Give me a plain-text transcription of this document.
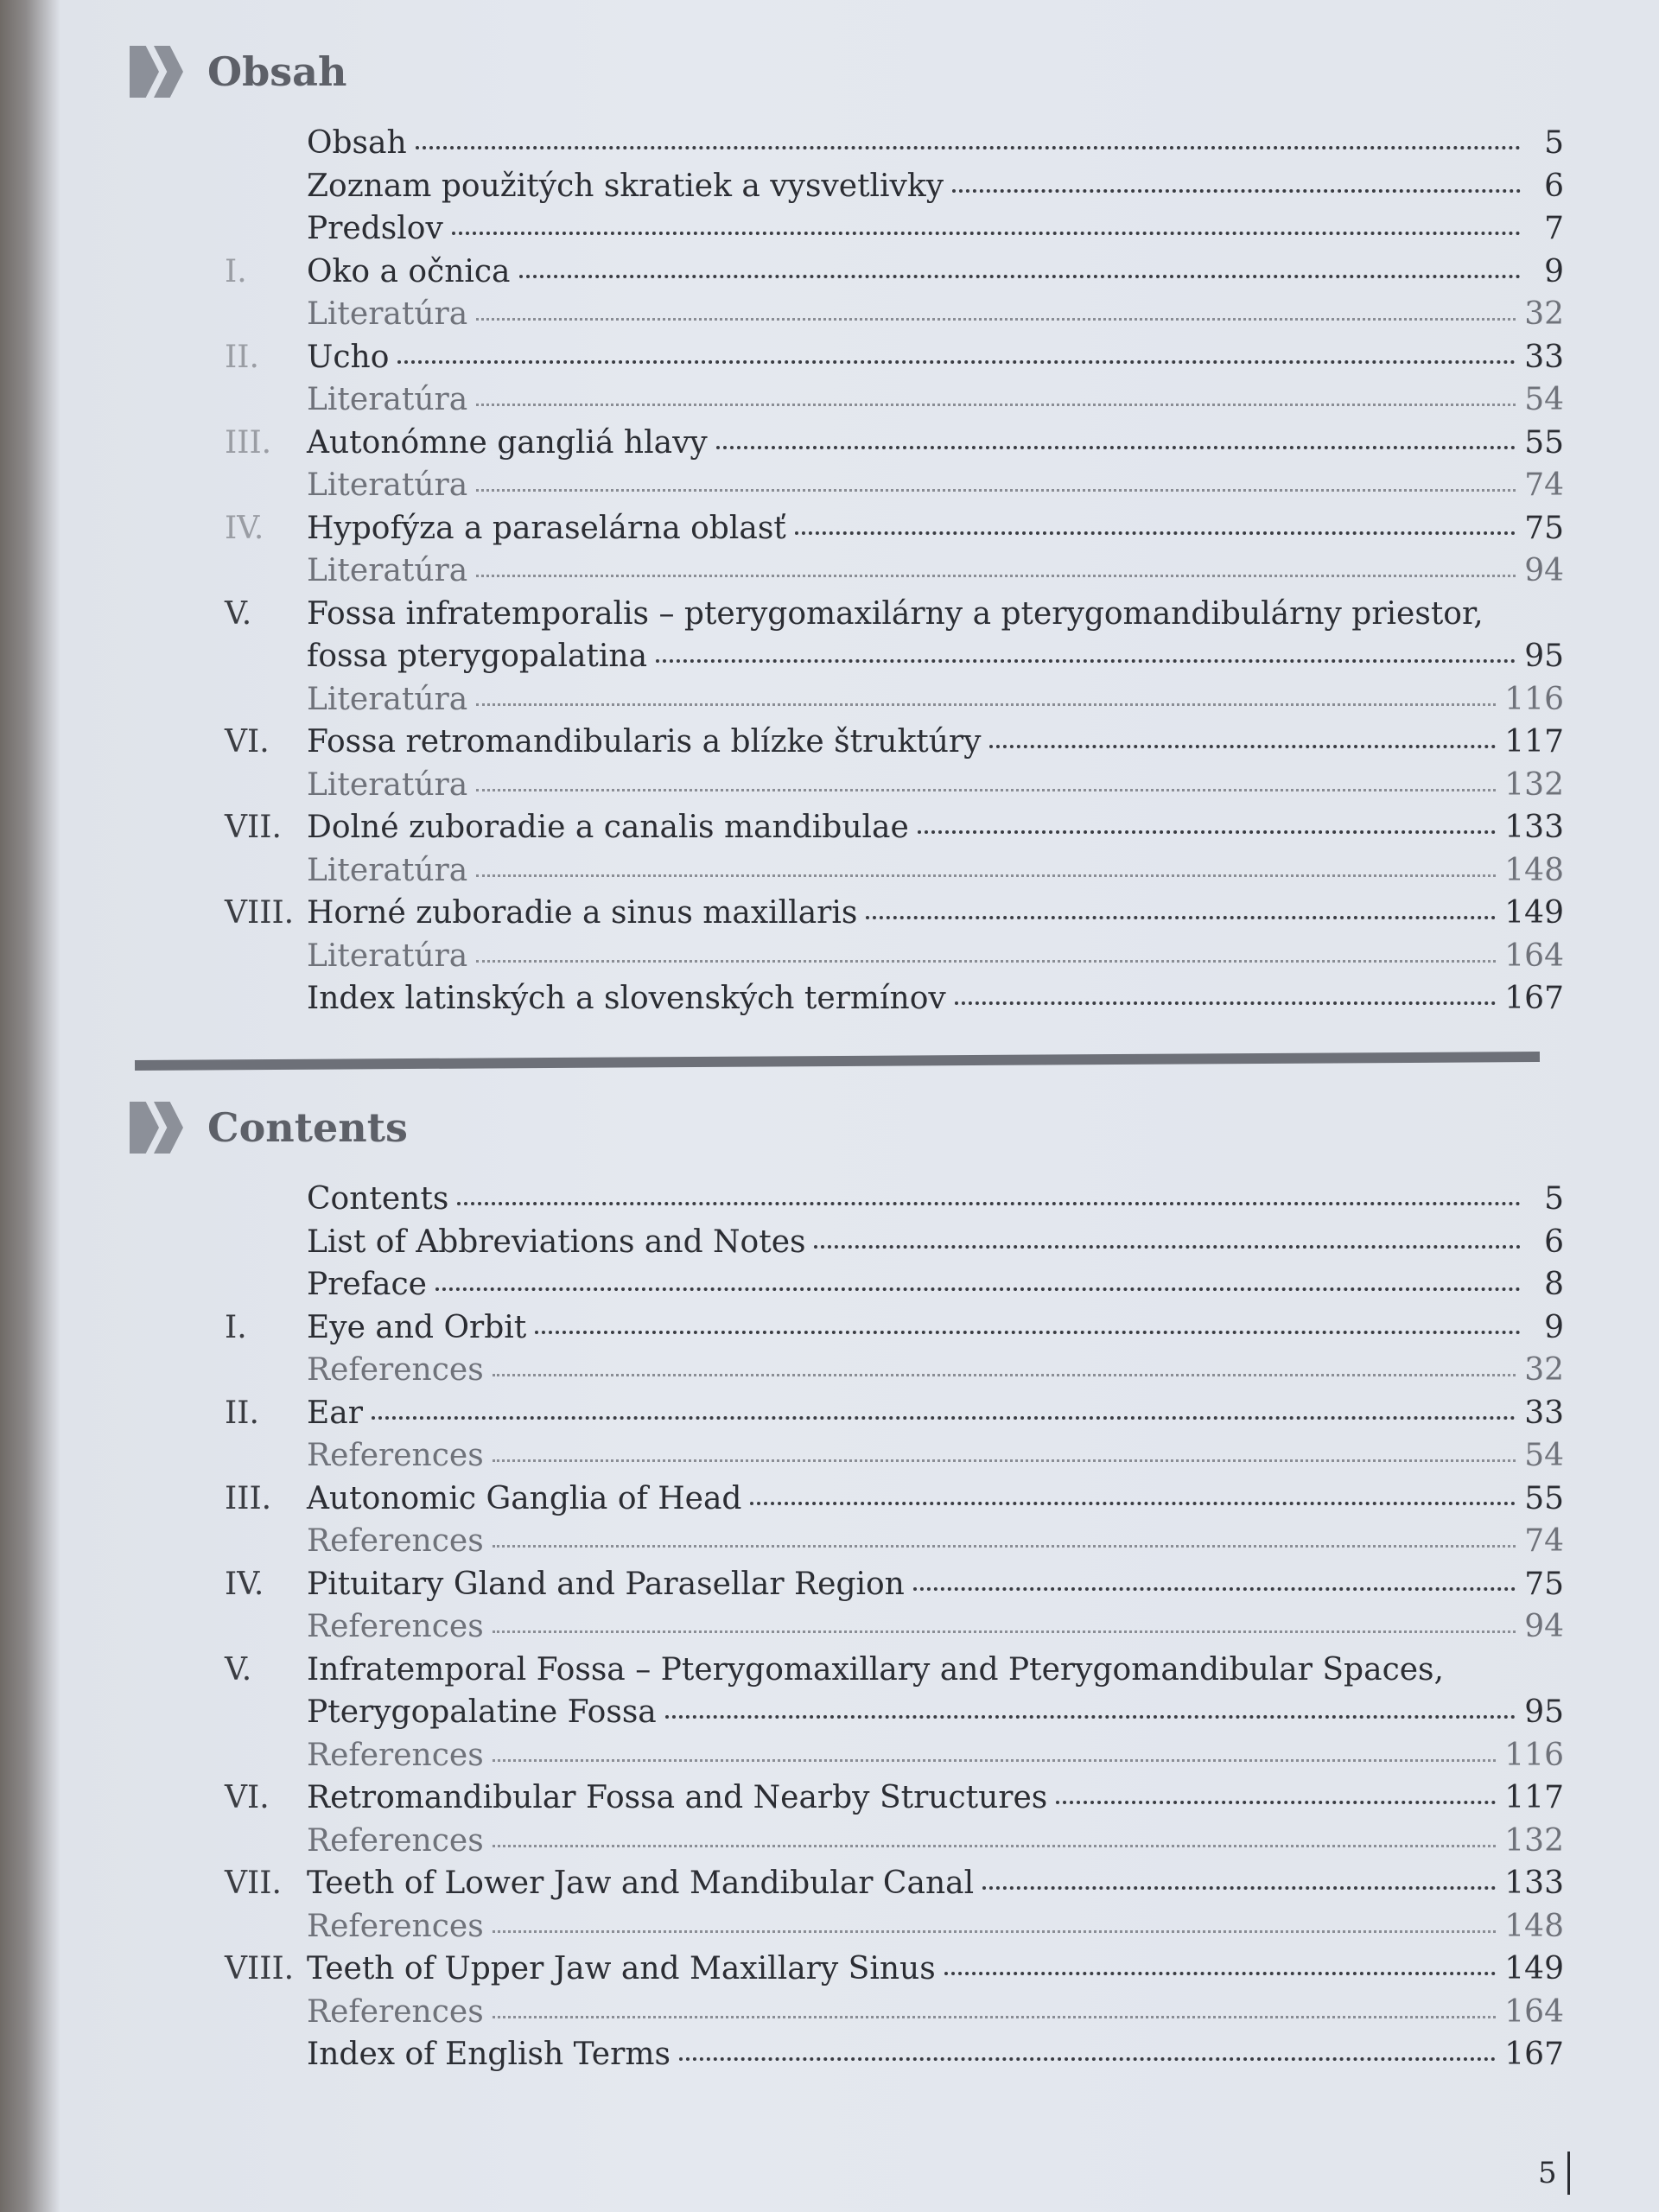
Obsah
Obsah	5
Zoznam použitých skratiek a vysvetlivky	6
Predslov	7
I.	Oko a očnica	9
Literatúra	32
II.	Ucho	33
Literatúra	54
III.	Autonómne gangliá hlavy	55
Literatúra	74
IV.	Hypofýza a paraselárna oblasť	75
Literatúra	94
V.	Fossa infratemporalis – pterygomaxilárny a pterygomandibulárny priestor,
fossa pterygopalatina	95
Literatúra	116
VI.	Fossa retromandibularis a blízke štruktúry	117
Literatúra	132
VII. Dolné zuboradie a canalis mandibulae	133
Literatúra	148
VIII. Horné zuboradie a sinus maxillaris	149
Literatúra	164
Index latinských a slovenských termínov	167
Contents
Contents	5
List of Abbreviations and Notes	6
Preface	8
I.	Eye and Orbit	9
References	32
II.	Ear	33
References	54
III.	Autonomic Ganglia of Head	55
References	74
IV.	Pituitary Gland and Parasellar Region	75
References	94
V.	Infratemporal Fossa – Pterygomaxillary and Pterygomandibular Spaces,
Pterygopalatine Fossa	95
References	116
VI.	Retromandibular Fossa and Nearby Structures	117
References	132
VII. Teeth of Lower Jaw and Mandibular Canal	133
References	148
VIII. Teeth of Upper Jaw and Maxillary Sinus	149
References	164
Index of English Terms	167
5
